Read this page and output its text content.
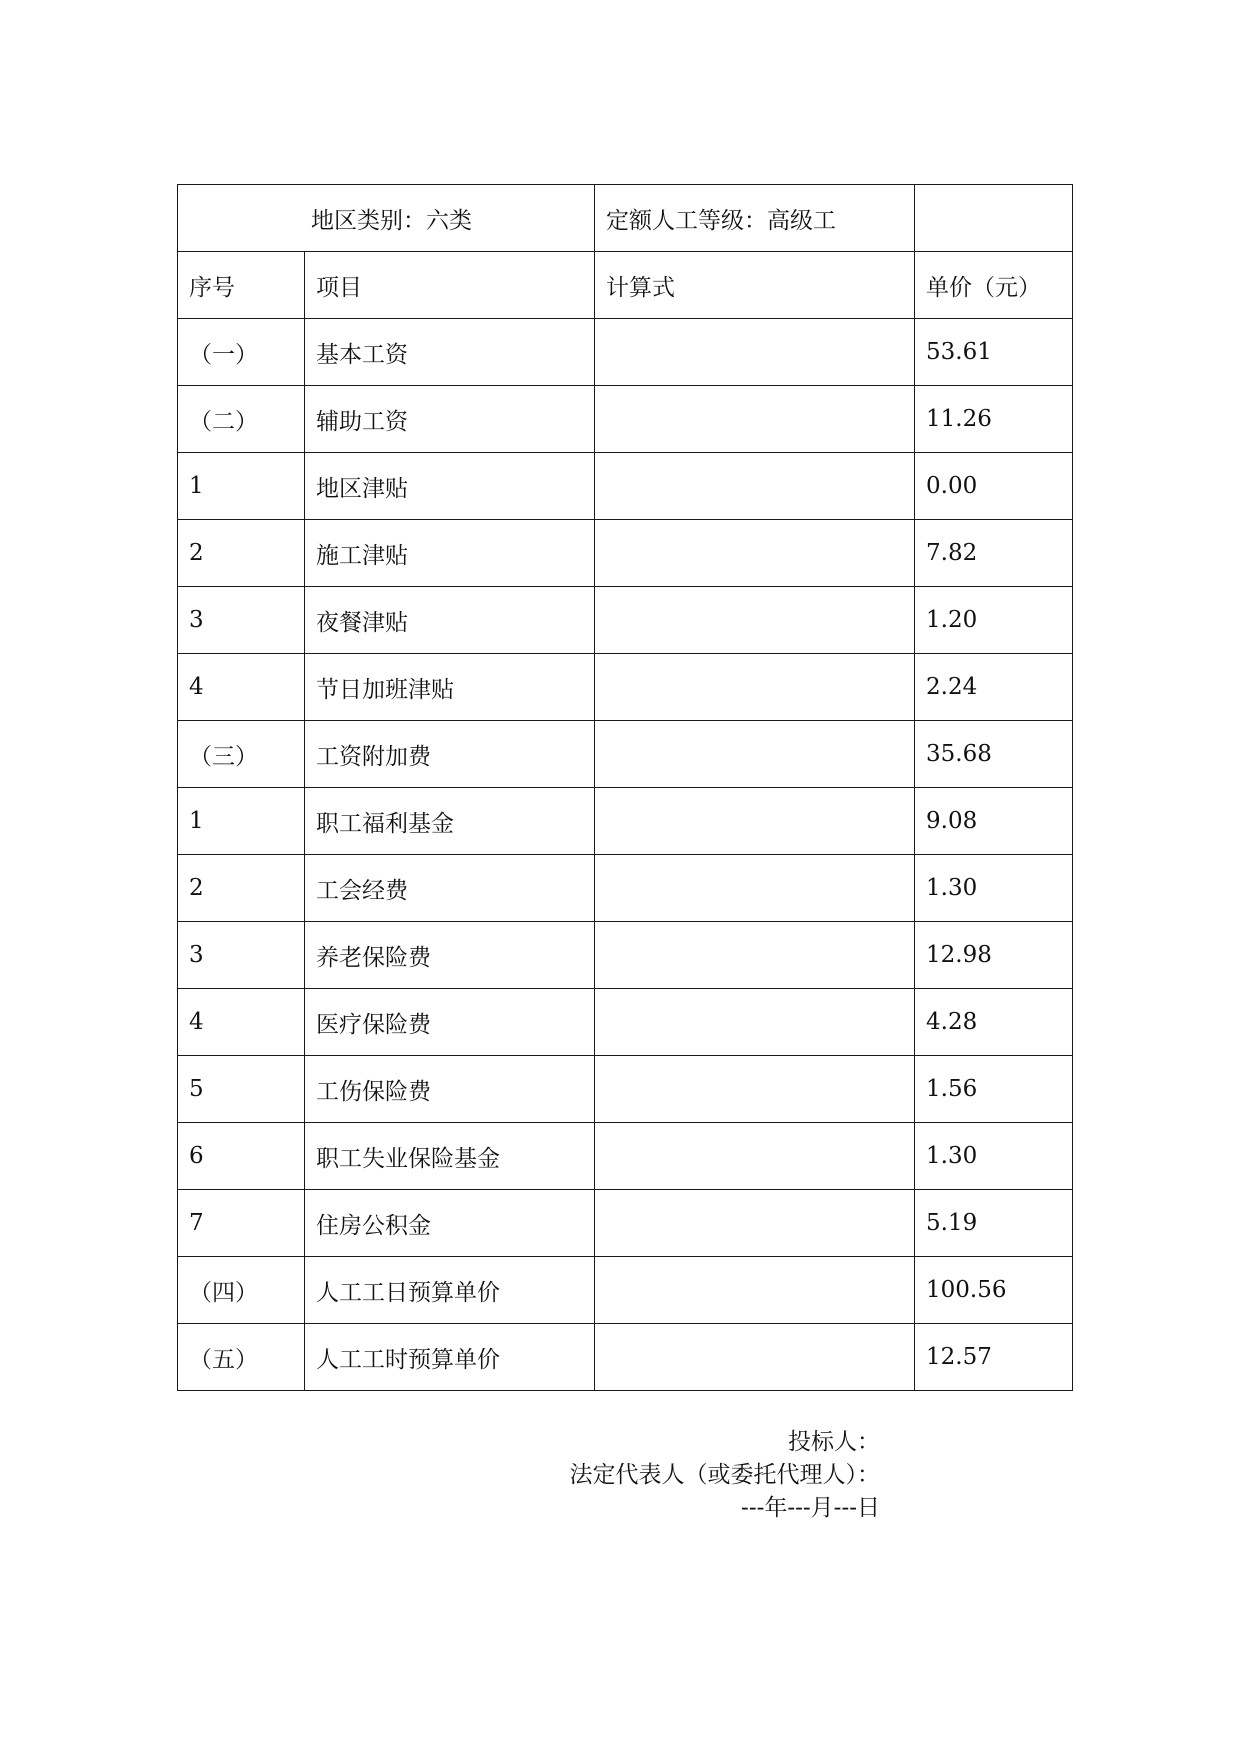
地区类别：六类		定额人工等级：高级工	
序号	项目	计算式	单价（元）
（一）	基本工资		53.61
（二）	辅助工资		11.26
1	地区津贴		0.00
2	施工津贴		7.82
3	夜餐津贴		1.20
4	节日加班津贴		2.24
（三）	工资附加费		35.68
1	职工福利基金		9.08
2	工会经费		1.30
3	养老保险费		12.98
4	医疗保险费		4.28
5	工伤保险费		1.56
6	职工失业保险基金		1.30
7	住房公积金		5.19
（四）	人工工日预算单价		100.56
（五）	人工工时预算单价		12.57
投标人：
法定代表人（或委托代理人）：
---年---月---日
